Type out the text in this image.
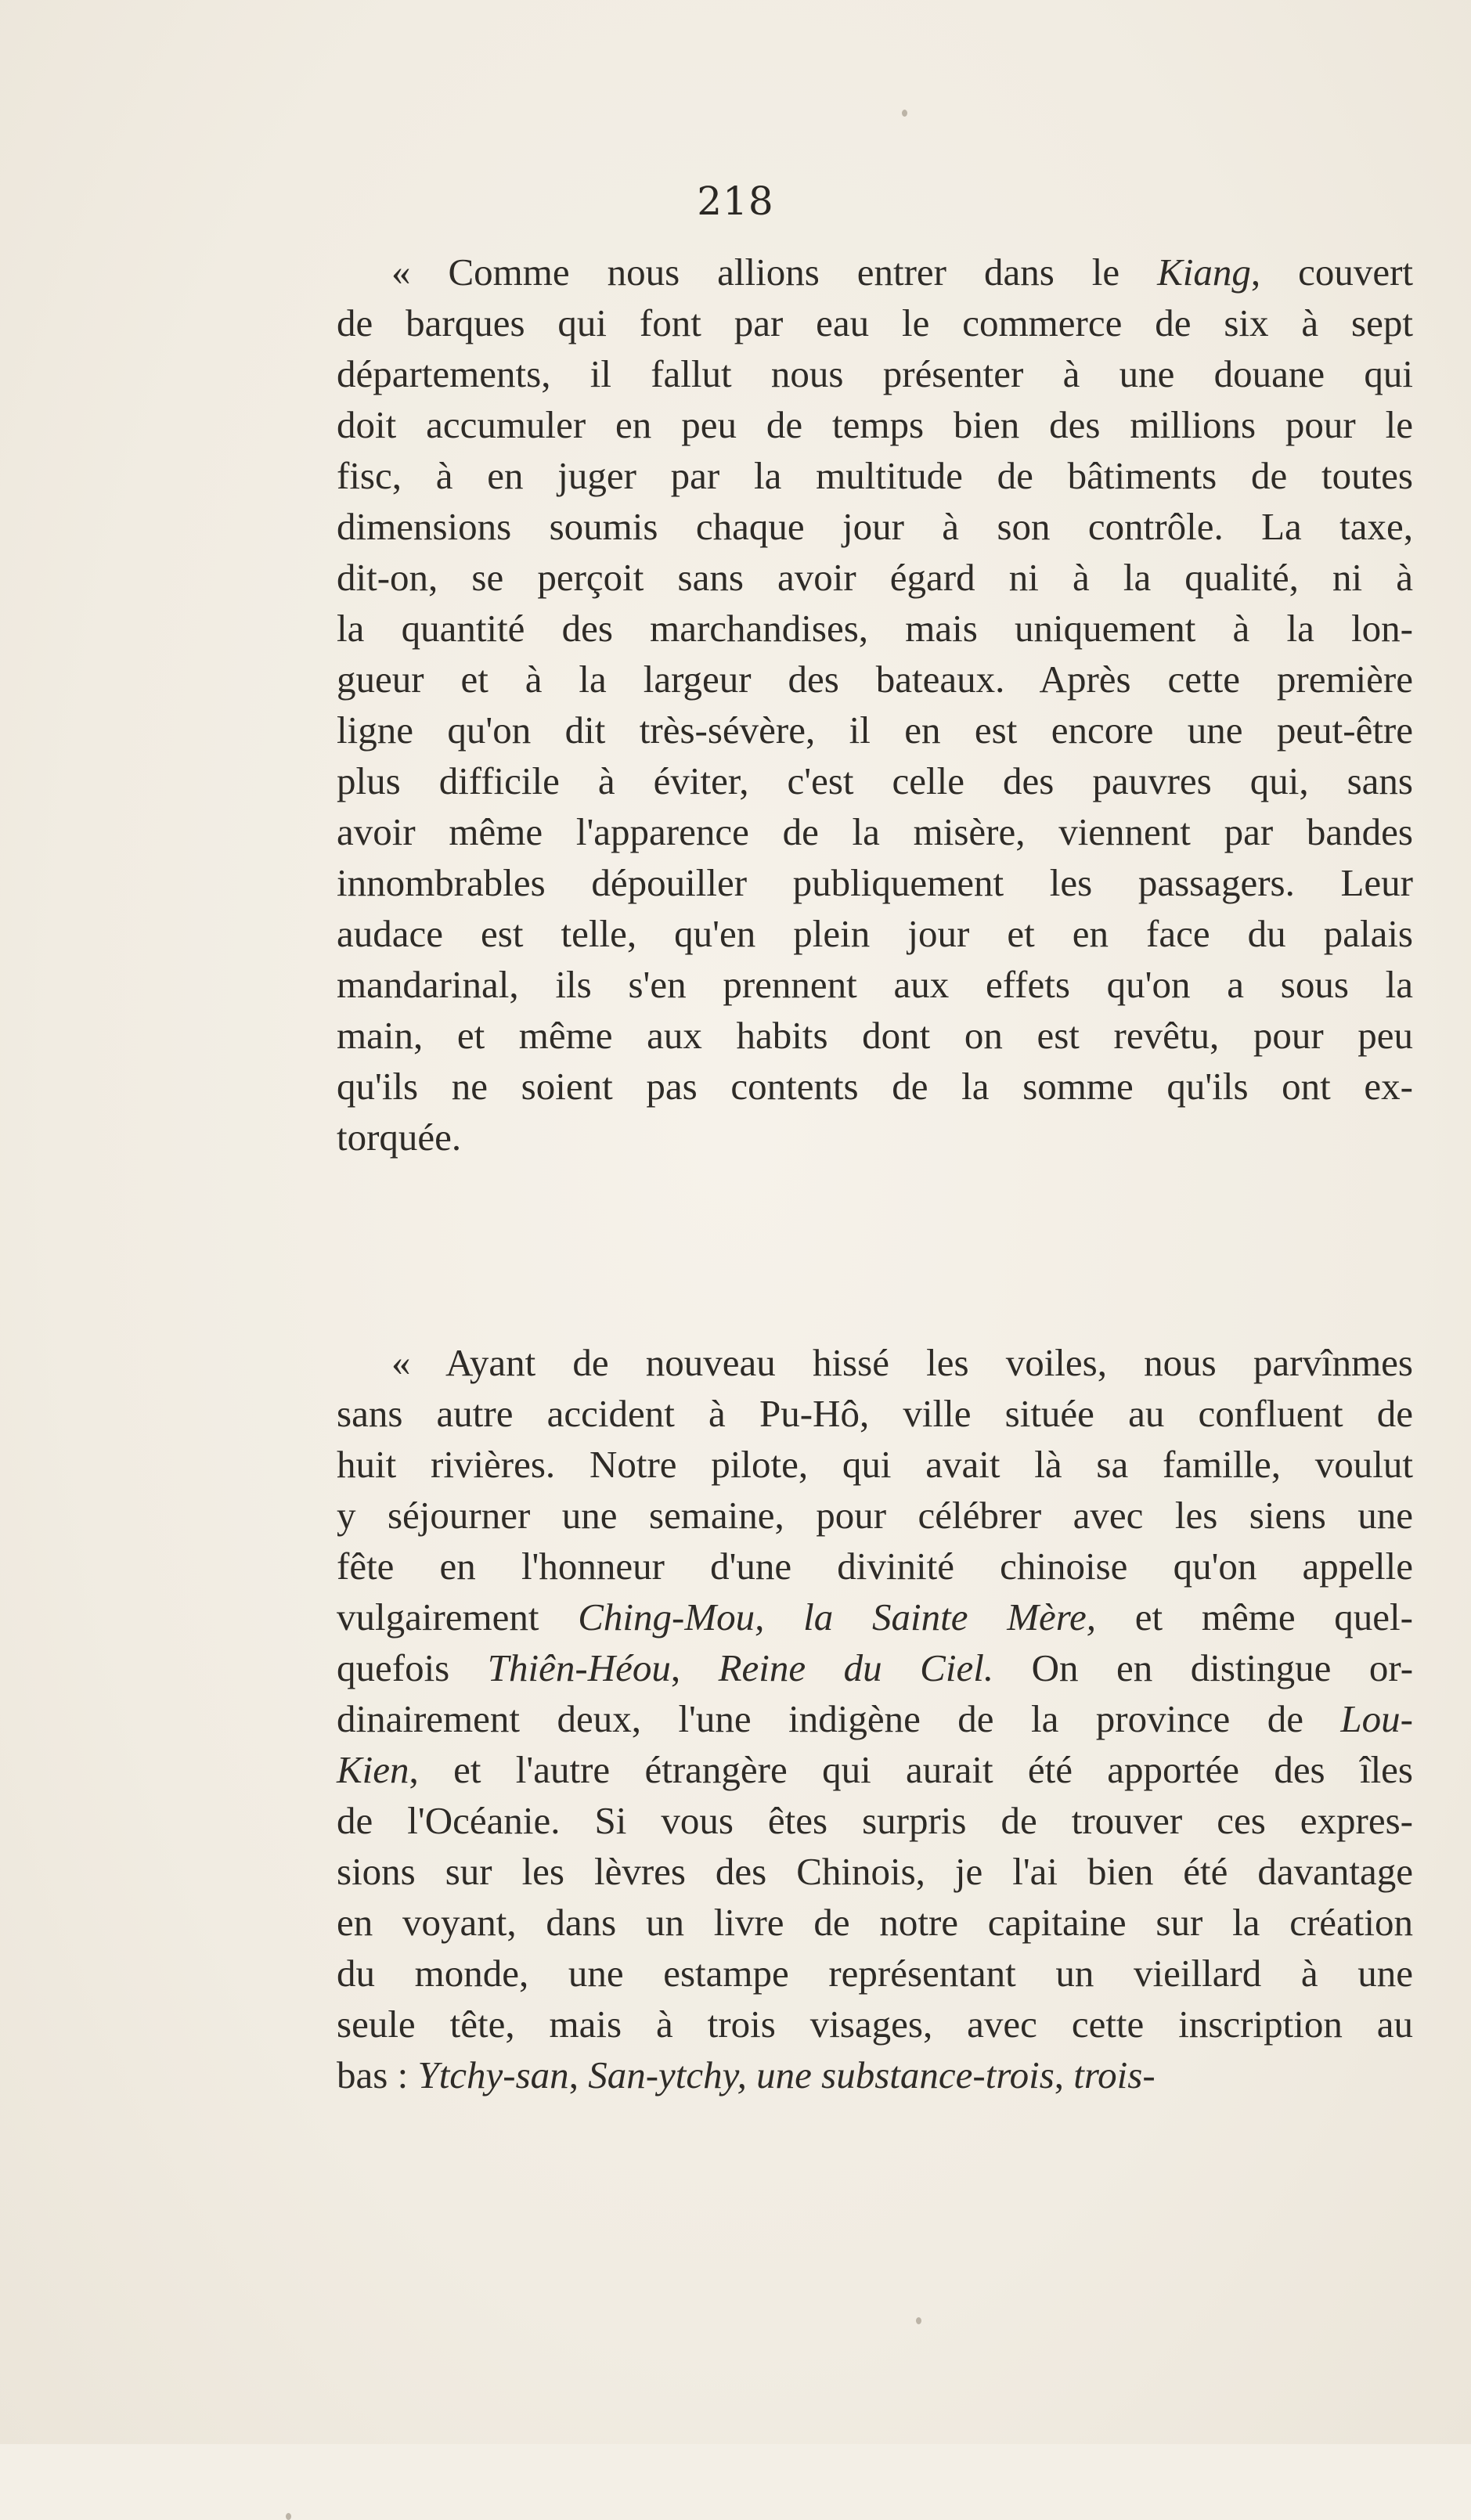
218
« Comme nous allions entrer dans le Kiang, couvert
de barques qui font par eau le commerce de six à sept
départements, il fallut nous présenter à une douane qui
doit accumuler en peu de temps bien des millions pour le
fisc, à en juger par la multitude de bâtiments de toutes
dimensions soumis chaque jour à son contrôle. La taxe,
dit-on, se perçoit sans avoir égard ni à la qualité, ni à
la quantité des marchandises, mais uniquement à la lon-
gueur et à la largeur des bateaux. Après cette première
ligne qu'on dit très-sévère, il en est encore une peut-être
plus difficile à éviter, c'est celle des pauvres qui, sans
avoir même l'apparence de la misère, viennent par bandes
innombrables dépouiller publiquement les passagers. Leur
audace est telle, qu'en plein jour et en face du palais
mandarinal, ils s'en prennent aux effets qu'on a sous la
main, et même aux habits dont on est revêtu, pour peu
qu'ils ne soient pas contents de la somme qu'ils ont ex-
torquée.
« Ayant de nouveau hissé les voiles, nous parvînmes
sans autre accident à Pu-Hô, ville située au confluent de
huit rivières. Notre pilote, qui avait là sa famille, voulut
y séjourner une semaine, pour célébrer avec les siens une
fête en l'honneur d'une divinité chinoise qu'on appelle
vulgairement Ching-Mou, la Sainte Mère, et même quel-
quefois Thiên-Héou, Reine du Ciel. On en distingue or-
dinairement deux, l'une indigène de la province de Lou-
Kien, et l'autre étrangère qui aurait été apportée des îles
de l'Océanie. Si vous êtes surpris de trouver ces expres-
sions sur les lèvres des Chinois, je l'ai bien été davantage
en voyant, dans un livre de notre capitaine sur la création
du monde, une estampe représentant un vieillard à une
seule tête, mais à trois visages, avec cette inscription au
bas : Ytchy-san, San-ytchy, une substance-trois, trois-
